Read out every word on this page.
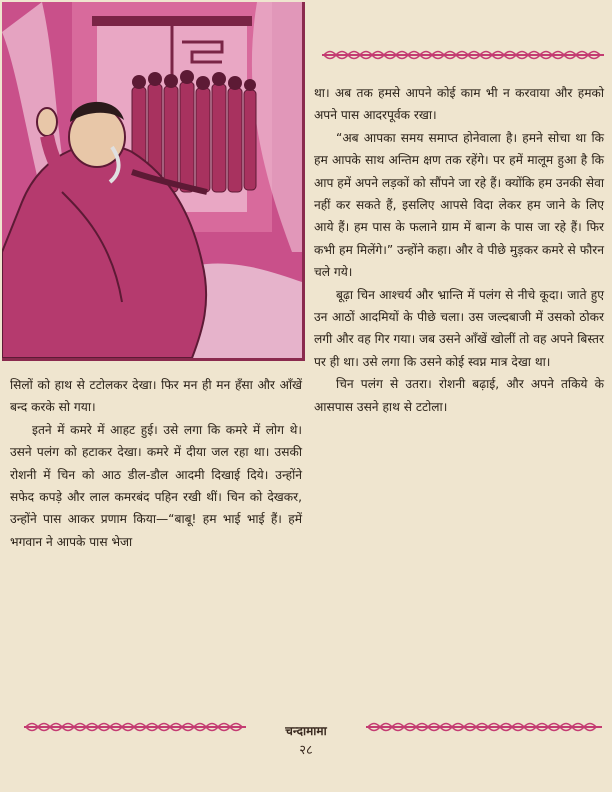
था। अब तक हमसे आपने कोई काम भी न करवाया और हमको अपने पास आदरपूर्वक रखा।

“अब आपका समय समाप्त होनेवाला है। हमने सोचा था कि हम आपके साथ अन्तिम क्षण तक रहेंगे। पर हमें मालूम हुआ है कि आप हमें अपने लड़कों को सौंपने जा रहे हैं। क्योंकि हम उनकी सेवा नहीं कर सकते हैं, इसलिए आपसे विदा लेकर हम जाने के लिए आये हैं। हम पास के फलाने ग्राम में बान्ग के पास जा रहे हैं। फिर कभी हम मिलेंगे।” उन्होंने कहा। और वे पीछे मुड़कर कमरे से फौरन चले गये।

बूढ़ा चिन आश्चर्य और भ्रान्ति में पलंग से नीचे कूदा। जाते हुए उन आठों आदमियों के पीछे चला। उस जल्दबाजी में उसको ठोकर लगी और वह गिर गया। जब उसने आँखें खोलीं तो वह अपने बिस्तर पर ही था। उसे लगा कि उसने कोई स्वप्न मात्र देखा था।

चिन पलंग से उतरा। रोशनी बढ़ाई, और अपने तकिये के आसपास उसने हाथ से टटोला।

सिलों को हाथ से टटोलकर देखा। फिर मन ही मन हँसा और आँखें बन्द करके सो गया।

इतने में कमरे में आहट हुई। उसे लगा कि कमरे में लोग थे। उसने पलंग को हटाकर देखा। कमरे में दीया जल रहा था। उसकी रोशनी में चिन को आठ डील-डौल आदमी दिखाई दिये। उन्होंने सफेद कपड़े और लाल कमरबंद पहिन रखी थीं। चिन को देखकर, उन्होंने पास आकर प्रणाम किया—“बाबू! हम भाई भाई हैं। हमें भगवान ने आपके पास भेजा

चन्दामामा
२८
